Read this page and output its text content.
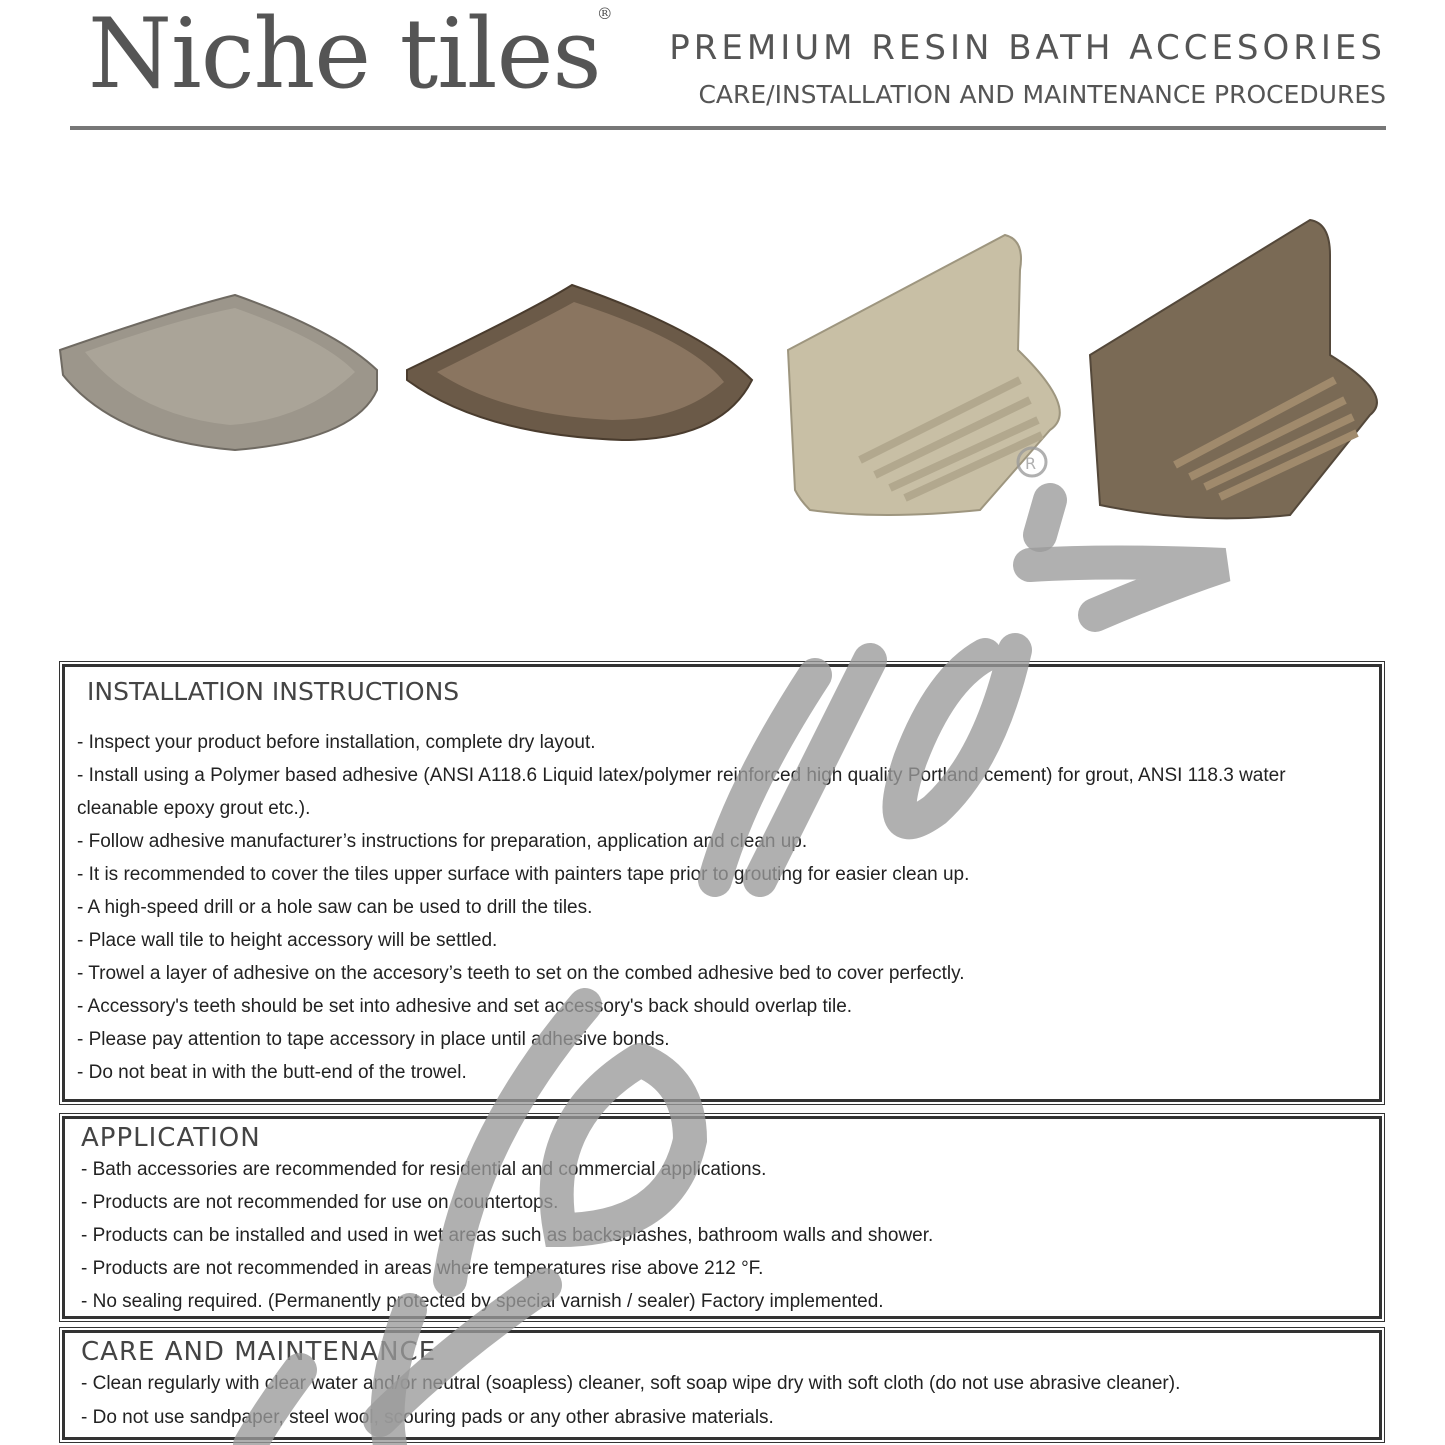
Niche tiles®
PREMIUM RESIN BATH ACCESORIES
CARE/INSTALLATION AND MAINTENANCE PROCEDURES
INSTALLATION INSTRUCTIONS
- Inspect your product before installation, complete dry layout.
- Install using a Polymer based adhesive (ANSI A118.6 Liquid latex/polymer reinforced high quality Portland cement) for grout, ANSI 118.3 water cleanable epoxy grout etc.).
- Follow adhesive manufacturer’s instructions for preparation, application and clean up.
- It is recommended to cover the tiles upper surface with painters tape prior to grouting for easier clean up.
- A high-speed drill or a hole saw can be used to drill the tiles.
- Place wall tile to height accessory will be settled.
- Trowel a layer of adhesive on the accesory’s teeth to set on the combed adhesive bed to cover perfectly.
- Accessory's teeth should be set into adhesive and set accessory's back should overlap tile.
- Please pay attention to tape accessory in place until adhesive bonds.
- Do not beat in with the butt-end of the trowel.
APPLICATION
- Bath accessories are recommended for residential and commercial applications.
- Products are not recommended for use on countertops.
- Products can be installed and used in wet areas such as backsplashes, bathroom walls and shower.
- Products are not recommended in areas where temperatures rise above 212 °F.
- No sealing required. (Permanently protected by special varnish / sealer) Factory implemented.
CARE AND MAINTENANCE
- Clean regularly with clear water and/or neutral (soapless) cleaner, soft soap wipe dry with soft cloth (do not use abrasive cleaner).
- Do not use sandpaper, steel wool, scouring pads or any other abrasive materials.
R
